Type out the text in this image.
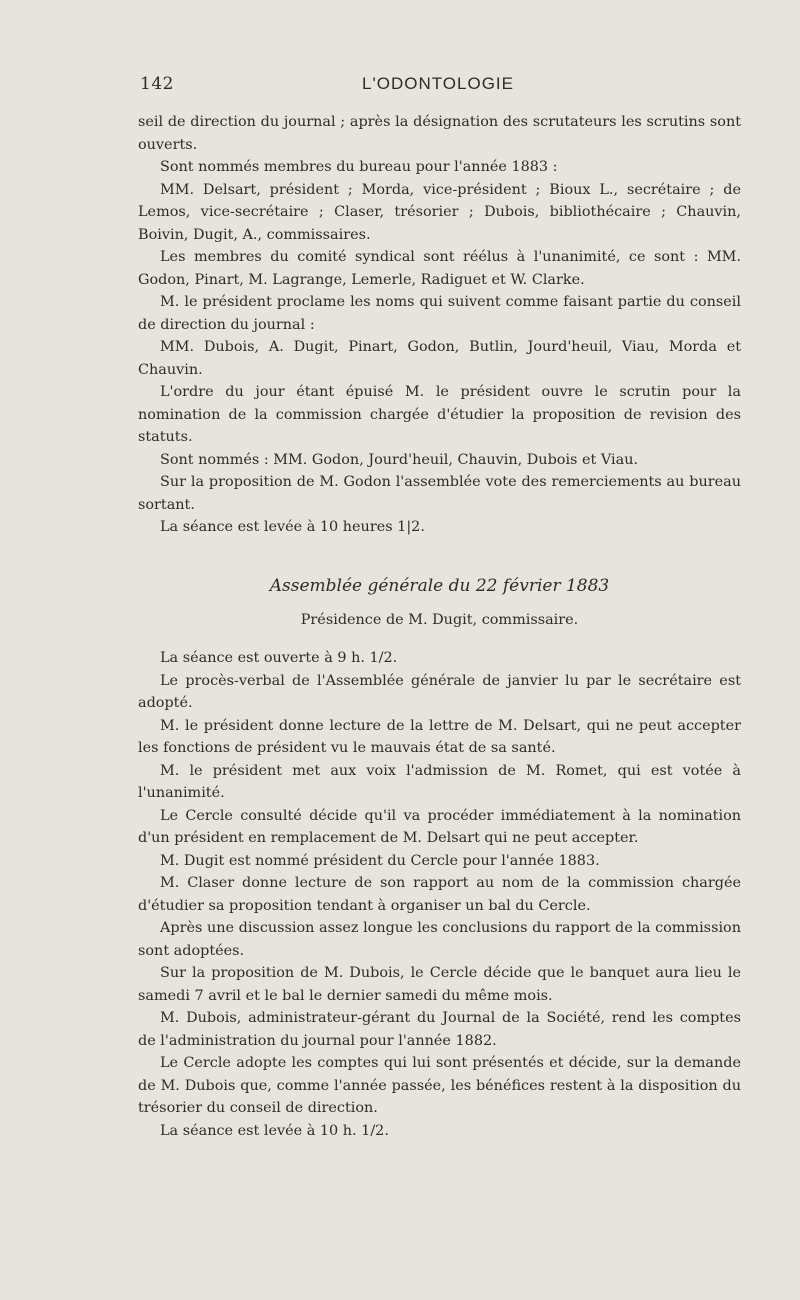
142	L'ODONTOLOGIE

seil de direction du journal ; après la désignation des scrutateurs les scrutins sont ouverts.

Sont nommés membres du bureau pour l'année 1883 :

MM. Delsart, président ; Morda, vice-président ; Bioux L., secrétaire ; de Lemos, vice-secrétaire ; Claser, trésorier ; Dubois, bibliothécaire ; Chauvin, Boivin, Dugit, A., commissaires.

Les membres du comité syndical sont réélus à l'unanimité, ce sont : MM. Godon, Pinart, M. Lagrange, Lemerle, Radiguet et W. Clarke.

M. le président proclame les noms qui suivent comme faisant partie du conseil de direction du journal :

MM. Dubois, A. Dugit, Pinart, Godon, Butlin, Jourd'heuil, Viau, Morda et Chauvin.

L'ordre du jour étant épuisé M. le président ouvre le scrutin pour la nomination de la commission chargée d'étudier la proposition de revision des statuts.

Sont nommés : MM. Godon, Jourd'heuil, Chauvin, Dubois et Viau.

Sur la proposition de M. Godon l'assemblée vote des remerciements au bureau sortant.

La séance est levée à 10 heures 1|2.

Assemblée générale du 22 février 1883
Présidence de M. Dugit, commissaire.

La séance est ouverte à 9 h. 1/2.

Le procès-verbal de l'Assemblée générale de janvier lu par le secrétaire est adopté.

M. le président donne lecture de la lettre de M. Delsart, qui ne peut accepter les fonctions de président vu le mauvais état de sa santé.

M. le président met aux voix l'admission de M. Romet, qui est votée à l'unanimité.

Le Cercle consulté décide qu'il va procéder immédiatement à la nomination d'un président en remplacement de M. Delsart qui ne peut accepter.

M. Dugit est nommé président du Cercle pour l'année 1883.

M. Claser donne lecture de son rapport au nom de la commission chargée d'étudier sa proposition tendant à organiser un bal du Cercle.

Après une discussion assez longue les conclusions du rapport de la commission sont adoptées.

Sur la proposition de M. Dubois, le Cercle décide que le banquet aura lieu le samedi 7 avril et le bal le dernier samedi du même mois.

M. Dubois, administrateur-gérant du Journal de la Société, rend les comptes de l'administration du journal pour l'année 1882.

Le Cercle adopte les comptes qui lui sont présentés et décide, sur la demande de M. Dubois que, comme l'année passée, les bénéfices restent à la disposition du trésorier du conseil de direction.

La séance est levée à 10 h. 1/2.
